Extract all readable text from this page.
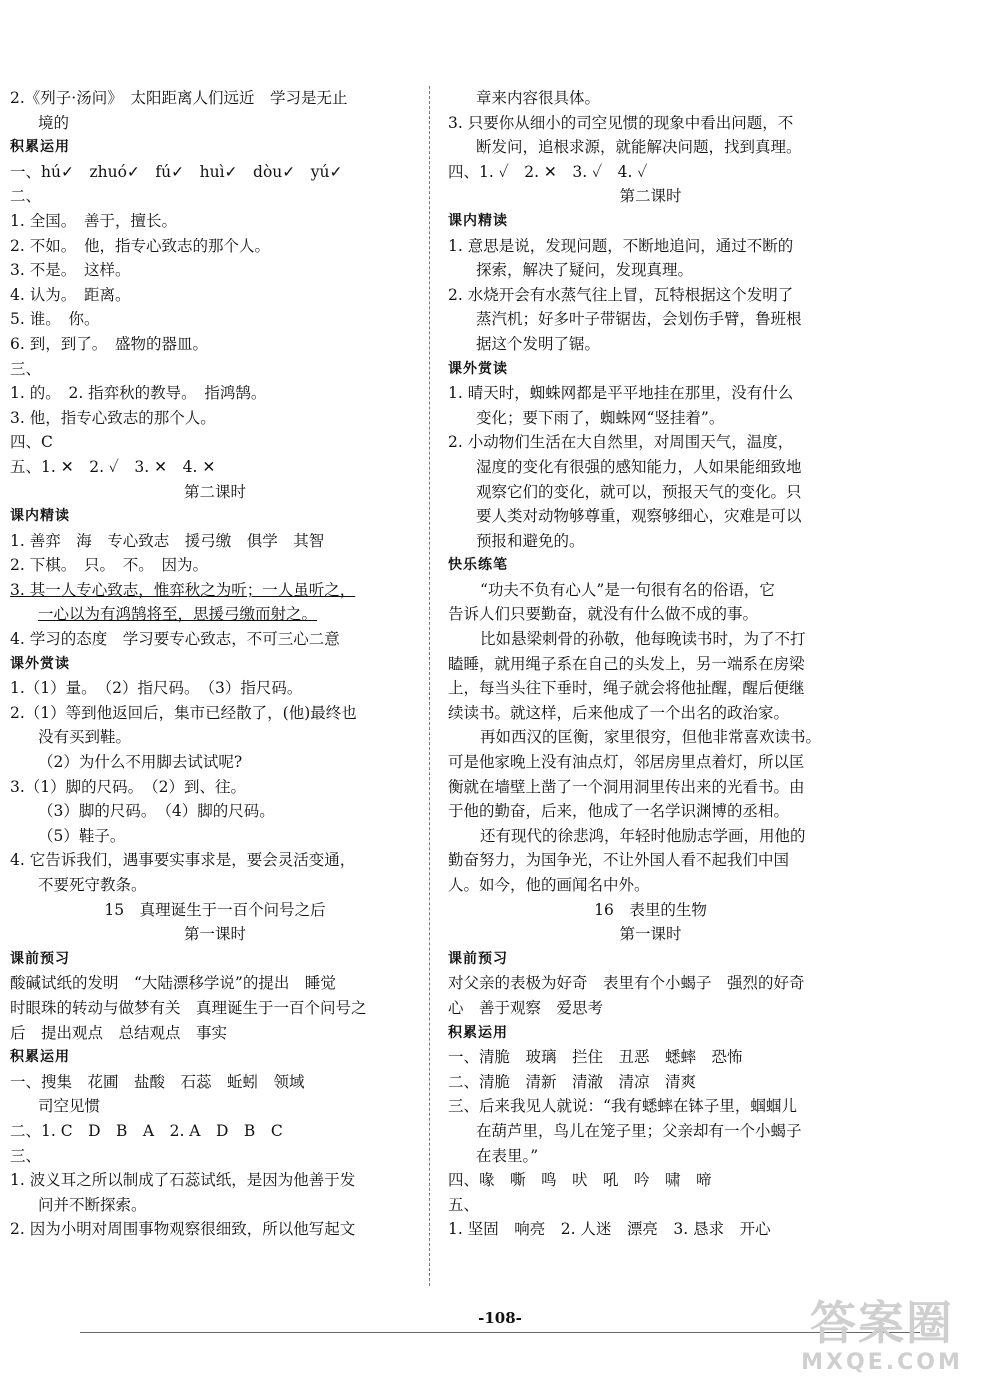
2.《列子·汤问》　太阳距离人们远近　学习是无止
境的
积累运用
一、hú✓　zhuó✓　fú✓　huì✓　dòu✓　yú✓
二、
1. 全国。　善于，擅长。
2. 不如。　他，指专心致志的那个人。
3. 不是。　这样。
4. 认为。　距离。
5. 谁。　你。
6. 到，到了。　盛物的器皿。
三、
1. 的。　2. 指弈秋的教导。　指鸿鹄。
3. 他，指专心致志的那个人。
四、C
五、1. ✕　2. ✓　3. ✕　4. ✕
第二课时
课内精读
1. 善弈　海　专心致志　援弓缴　俱学　其智
2. 下棋。　只。　不。　因为。
3. 其一人专心致志，惟弈秋之为听；一人虽听之，
一心以为有鸿鹄将至，思援弓缴而射之。
4. 学习的态度　学习要专心致志，不可三心二意
课外赏读
1.（1）量。　（2）指尺码。　（3）指尺码。
2.（1）等到他返回后，集市已经散了，(他)最终也
没有买到鞋。
（2）为什么不用脚去试试呢?
3.（1）脚的尺码。　（2）到、往。
（3）脚的尺码。　（4）脚的尺码。
（5）鞋子。
4. 它告诉我们，遇事要实事求是，要会灵活变通，
不要死守教条。
15　真理诞生于一百个问号之后
第一课时
课前预习
酸碱试纸的发明　“大陆漂移学说”的提出　睡觉
时眼珠的转动与做梦有关　真理诞生于一百个问号之
后　提出观点　总结观点　事实
积累运用
一、搜集　花圃　盐酸　石蕊　蚯蚓　领域
司空见惯
二、1. C　D　B　A　2. A　D　B　C
三、
1. 波义耳之所以制成了石蕊试纸，是因为他善于发
问并不断探索。
2. 因为小明对周围事物观察很细致，所以他写起文
章来内容很具体。
3. 只要你从细小的司空见惯的现象中看出问题，不
断发问，追根求源，就能解决问题，找到真理。
四、1. ✓　2. ✕　3. ✓　4. ✓
第二课时
课内精读
1. 意思是说，发现问题，不断地追问，通过不断的
探索，解决了疑问，发现真理。
2. 水烧开会有水蒸气往上冒，瓦特根据这个发明了
蒸汽机；好多叶子带锯齿，会划伤手臂，鲁班根
据这个发明了锯。
课外赏读
1. 晴天时，蜘蛛网都是平平地挂在那里，没有什么
变化；要下雨了，蜘蛛网“竖挂着”。
2. 小动物们生活在大自然里，对周围天气，温度，
湿度的变化有很强的感知能力，人如果能细致地
观察它们的变化，就可以，预报天气的变化。只
要人类对动物够尊重，观察够细心，灾难是可以
预报和避免的。
快乐练笔
“功夫不负有心人”是一句很有名的俗语，它
告诉人们只要勤奋，就没有什么做不成的事。
比如悬梁刺骨的孙敬，他每晚读书时，为了不打
瞌睡，就用绳子系在自己的头发上，另一端系在房梁
上，每当头往下垂时，绳子就会将他扯醒，醒后便继
续读书。就这样，后来他成了一个出名的政治家。
再如西汉的匡衡，家里很穷，但他非常喜欢读书。
可是他家晚上没有油点灯，邻居房里点着灯，所以匡
衡就在墙壁上凿了一个洞用洞里传出来的光看书。由
于他的勤奋，后来，他成了一名学识渊博的丞相。
还有现代的徐悲鸿，年轻时他励志学画，用他的
勤奋努力，为国争光，不让外国人看不起我们中国
人。如今，他的画闻名中外。
16　表里的生物
第一课时
课前预习
对父亲的表极为好奇　表里有个小蝎子　强烈的好奇
心　善于观察　爱思考
积累运用
一、清脆　玻璃　拦住　丑恶　蟋蟀　恐怖
二、清脆　清新　清澈　清凉　清爽
三、后来我见人就说：“我有蟋蟀在钵子里，蝈蝈儿
在葫芦里，鸟儿在笼子里；父亲却有一个小蝎子
在表里。”
四、喙　嘶　鸣　吠　吼　吟　啸　啼
五、
1. 坚固　响亮　2. 人迷　漂亮　3. 恳求　开心
-108-	答案圈
MXQE.COM
